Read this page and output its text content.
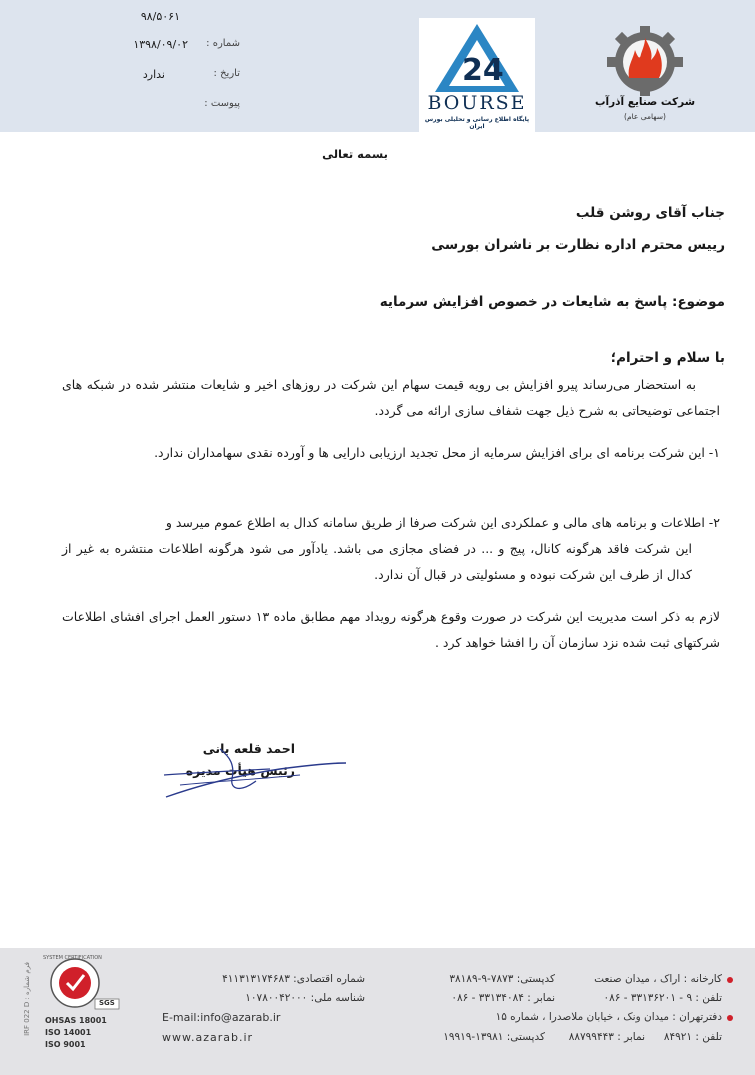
۹۸/۵۰۶۱
شماره :
۱۳۹۸/۰۹/۰۲
تاریخ :
ندارد
پیوست :
24
BOURSE
پایگاه اطلاع رسانی و تحلیلی بورس ایران
شرکت صنایع آذرآب
(سهامی عام)
بسمه تعالی
جناب آقای روشن قلب
رییس محترم اداره نظارت بر ناشران بورسی
موضوع: پاسخ به شایعات در خصوص افزایش سرمایه
با سلام و احترام؛
به استحضار می‌رساند پیرو افزایش بی رویه قیمت سهام این شرکت در روزهای اخیر و شایعات منتشر شده در شبکه های اجتماعی توضیحاتی به شرح ذیل جهت شفاف سازی ارائه می گردد.
۱- این شرکت برنامه ای برای افزایش سرمایه از محل تجدید ارزیابی دارایی ها و آورده نقدی سهامداران ندارد.
۲- اطلاعات و برنامه های مالی و عملکردی این شرکت صرفا از طریق سامانه کدال به اطلاع عموم میرسد و
این شرکت فاقد هرگونه کانال، پیج و ... در فضای مجازی می باشد. یادآور می شود هرگونه اطلاعات منتشره به غیر از کدال از طرف این شرکت نبوده و مسئولیتی در قبال آن ندارد.
لازم به ذکر است مدیریت این شرکت در صورت وقوع هرگونه رویداد مهم مطابق ماده ۱۳ دستور العمل اجرای افشای اطلاعات شرکتهای ثبت شده نزد سازمان آن را افشا خواهد کرد .
احمد قلعه بانی
رئیس هیأت مدیره
فرم شماره : IRF 022 D
OHSAS 18001
ISO 14001
ISO 9001
SGS
SYSTEM CERTIFICATION
شماره اقتصادی: ۴۱۱۳۱۳۱۷۴۶۸۳
شناسه ملی: ۱۰۷۸۰۰۴۲۰۰۰
E-mail:info@azarab.ir
www.azarab.ir
کارخانه : اراک ، میدان صنعت
کدپستی: ۷۸۷۳-۹-۳۸۱۸۹
تلفن : ۹ - ۳۳۱۳۶۲۰۱ - ۰۸۶
نمابر : ۳۳۱۳۴۰۸۴ - ۰۸۶
دفترتهران : میدان ونک ، خیابان ملاصدرا ، شماره ۱۵
تلفن : ۸۴۹۲۱
نمابر : ۸۸۷۹۹۴۴۳
کدپستی: ۱۳۹۸۱-۱۹۹۱۹
